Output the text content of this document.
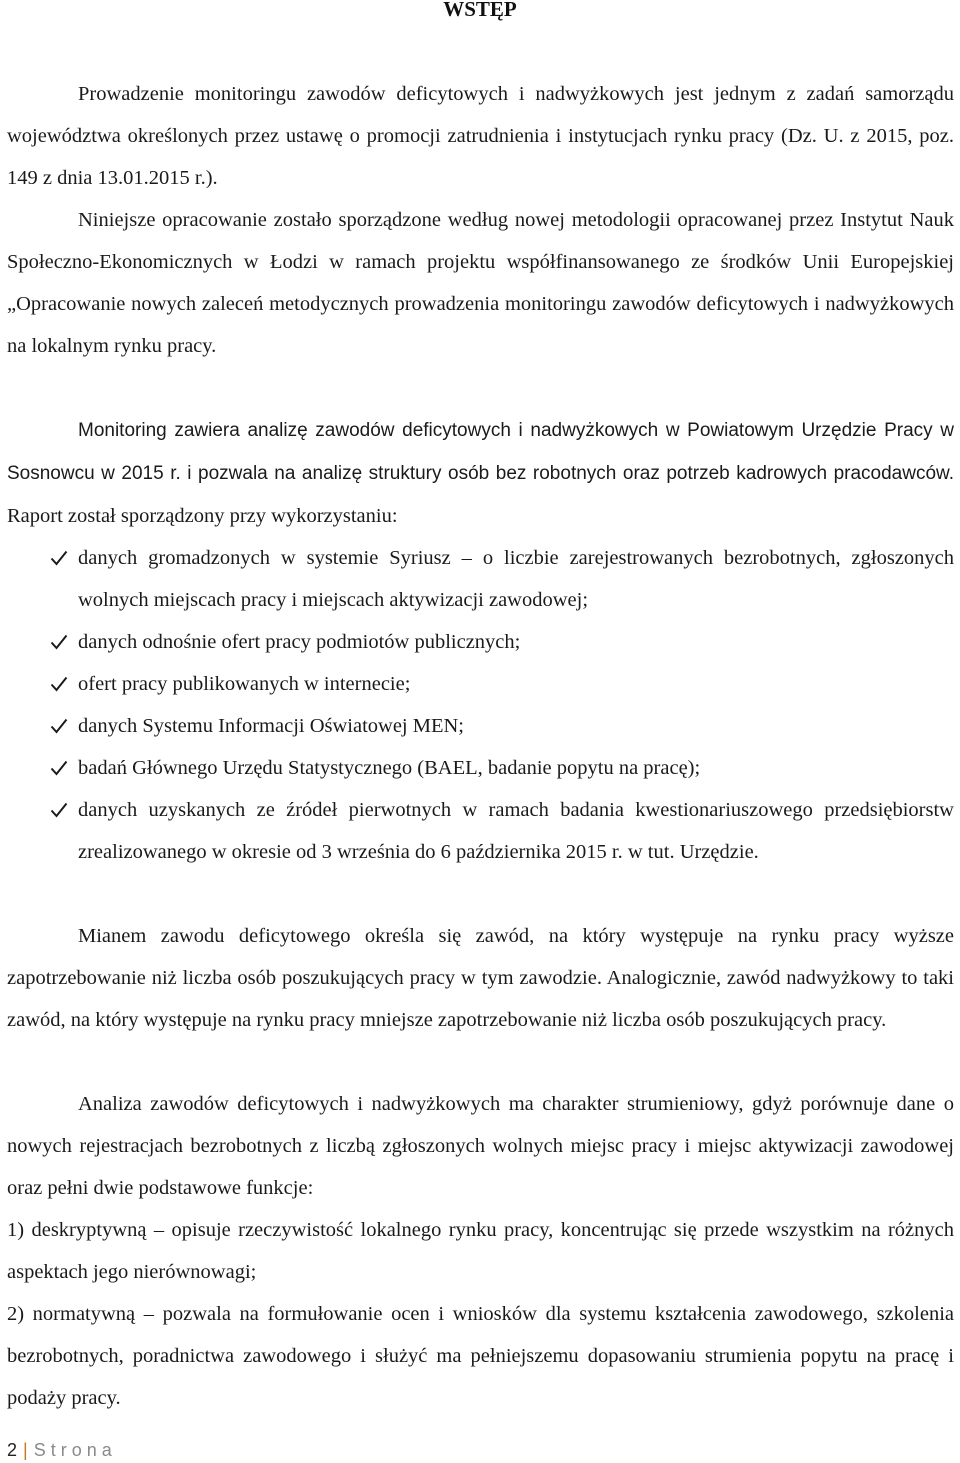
WSTĘP

Prowadzenie monitoringu zawodów deficytowych i nadwyżkowych jest jednym z zadań samorządu województwa określonych przez ustawę o promocji zatrudnienia i instytucjach rynku pracy (Dz. U. z 2015, poz. 149 z dnia 13.01.2015 r.).

Niniejsze opracowanie zostało sporządzone według nowej metodologii opracowanej przez Instytut Nauk Społeczno-Ekonomicznych w Łodzi w ramach projektu współfinansowanego ze środków Unii Europejskiej „Opracowanie nowych zaleceń metodycznych prowadzenia monitoringu zawodów deficytowych i nadwyżkowych na lokalnym rynku pracy.

Monitoring zawiera analizę zawodów deficytowych i nadwyżkowych w Powiatowym Urzędzie Pracy w Sosnowcu w 2015 r. i pozwala na analizę struktury osób bez robotnych oraz potrzeb kadrowych pracodawców. Raport został sporządzony przy wykorzystaniu:

danych gromadzonych w systemie Syriusz – o liczbie zarejestrowanych bezrobotnych, zgłoszonych wolnych miejscach pracy i miejscach aktywizacji zawodowej;
danych odnośnie ofert pracy podmiotów publicznych;
ofert pracy publikowanych w internecie;
danych Systemu Informacji Oświatowej MEN;
badań Głównego Urzędu Statystycznego (BAEL, badanie popytu na pracę);
danych uzyskanych ze źródeł pierwotnych w ramach badania kwestionariuszowego przedsiębiorstw zrealizowanego w okresie od 3 września do 6 października 2015 r. w tut. Urzędzie.

Mianem zawodu deficytowego określa się zawód, na który występuje na rynku pracy wyższe zapotrzebowanie niż liczba osób poszukujących pracy w tym zawodzie. Analogicznie, zawód nadwyżkowy to taki zawód, na który występuje na rynku pracy mniejsze zapotrzebowanie niż liczba osób poszukujących pracy.

Analiza zawodów deficytowych i nadwyżkowych ma charakter strumieniowy, gdyż porównuje dane o nowych rejestracjach bezrobotnych z liczbą zgłoszonych wolnych miejsc pracy i miejsc aktywizacji zawodowej oraz pełni dwie podstawowe funkcje:

1) deskryptywną – opisuje rzeczywistość lokalnego rynku pracy, koncentrując się przede wszystkim na różnych aspektach jego nierównowagi;

2) normatywną – pozwala na formułowanie ocen i wniosków dla systemu kształcenia zawodowego, szkolenia bezrobotnych, poradnictwa zawodowego i służyć ma pełniejszemu dopasowaniu strumienia popytu na pracę i podaży pracy.

2 | Strona
